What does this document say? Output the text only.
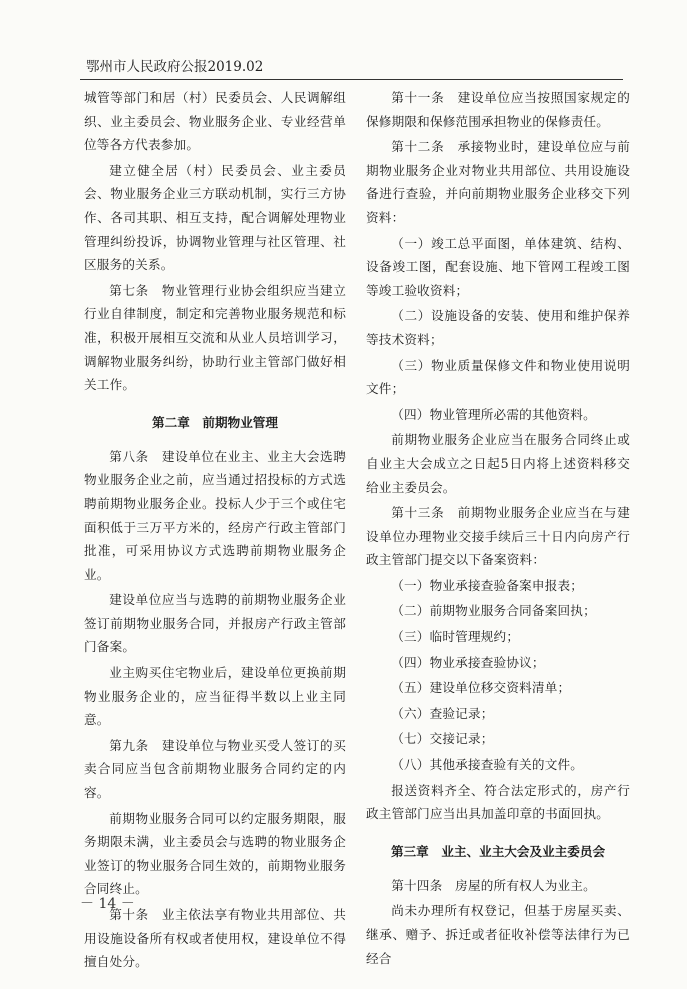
鄂州市人民政府公报2019.02

城管等部门和居（村）民委员会、人民调解组织、业主委员会、物业服务企业、专业经营单位等各方代表参加。

建立健全居（村）民委员会、业主委员会、物业服务企业三方联动机制，实行三方协作、各司其职、相互支持，配合调解处理物业管理纠纷投诉，协调物业管理与社区管理、社区服务的关系。

第七条　物业管理行业协会组织应当建立行业自律制度，制定和完善物业服务规范和标准，积极开展相互交流和从业人员培训学习，调解物业服务纠纷，协助行业主管部门做好相关工作。

第二章　前期物业管理

第八条　建设单位在业主、业主大会选聘物业服务企业之前，应当通过招投标的方式选聘前期物业服务企业。投标人少于三个或住宅面积低于三万平方米的，经房产行政主管部门批准，可采用协议方式选聘前期物业服务企业。

建设单位应当与选聘的前期物业服务企业签订前期物业服务合同，并报房产行政主管部门备案。

业主购买住宅物业后，建设单位更换前期物业服务企业的，应当征得半数以上业主同意。

第九条　建设单位与物业买受人签订的买卖合同应当包含前期物业服务合同约定的内容。

前期物业服务合同可以约定服务期限，服务期限未满，业主委员会与选聘的物业服务企业签订的物业服务合同生效的，前期物业服务合同终止。

第十条　业主依法享有物业共用部位、共用设施设备所有权或者使用权，建设单位不得擅自处分。

第十一条　建设单位应当按照国家规定的保修期限和保修范围承担物业的保修责任。

第十二条　承接物业时，建设单位应与前期物业服务企业对物业共用部位、共用设施设备进行查验，并向前期物业服务企业移交下列资料：

（一）竣工总平面图，单体建筑、结构、设备竣工图，配套设施、地下管网工程竣工图等竣工验收资料；

（二）设施设备的安装、使用和维护保养等技术资料；

（三）物业质量保修文件和物业使用说明文件；

（四）物业管理所必需的其他资料。

前期物业服务企业应当在服务合同终止或自业主大会成立之日起5日内将上述资料移交给业主委员会。

第十三条　前期物业服务企业应当在与建设单位办理物业交接手续后三十日内向房产行政主管部门提交以下备案资料：

（一）物业承接查验备案申报表；

（二）前期物业服务合同备案回执；

（三）临时管理规约；

（四）物业承接查验协议；

（五）建设单位移交资料清单；

（六）查验记录；

（七）交接记录；

（八）其他承接查验有关的文件。

报送资料齐全、符合法定形式的，房产行政主管部门应当出具加盖印章的书面回执。

第三章　业主、业主大会及业主委员会

第十四条　房屋的所有权人为业主。

尚未办理所有权登记，但基于房屋买卖、继承、赠予、拆迁或者征收补偿等法律行为已经合

－ 14 －
